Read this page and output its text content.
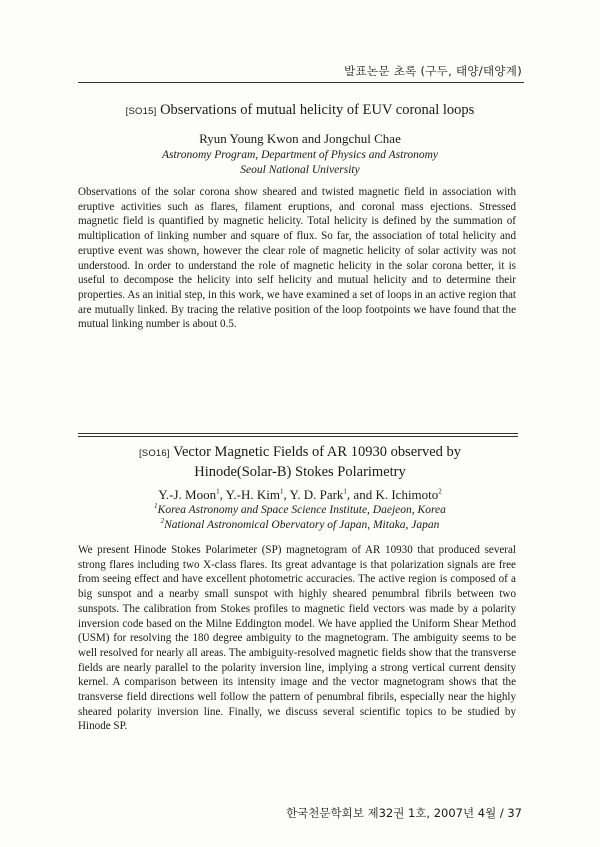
발표논문 초록 (구두, 태양/태양계)
[SO15] Observations of mutual helicity of EUV coronal loops
Ryun Young Kwon and Jongchul Chae
Astronomy Program, Department of Physics and Astronomy
Seoul National University

Observations of the solar corona show sheared and twisted magnetic field in association with eruptive activities such as flares, filament eruptions, and coronal mass ejections. Stressed magnetic field is quantified by magnetic helicity. Total helicity is defined by the summation of multiplication of linking number and square of flux. So far, the association of total helicity and eruptive event was shown, however the clear role of magnetic helicity of solar activity was not understood. In order to understand the role of magnetic helicity in the solar corona better, it is useful to decompose the helicity into self helicity and mutual helicity and to determine their properties. As an initial step, in this work, we have examined a set of loops in an active region that are mutually linked. By tracing the relative position of the loop footpoints we have found that the mutual linking number is about 0.5.

[SO16] Vector Magnetic Fields of AR 10930 observed by
Hinode(Solar-B) Stokes Polarimetry
Y.-J. Moon$^1$, Y.-H. Kim$^1$, Y. D. Park$^1$, and K. Ichimoto$^2$
$^1$Korea Astronomy and Space Science Institute, Daejeon, Korea
$^2$National Astronomical Obervatory of Japan, Mitaka, Japan

We present Hinode Stokes Polarimeter (SP) magnetogram of AR 10930 that produced several strong flares including two X-class flares. Its great advantage is that polarization signals are free from seeing effect and have excellent photometric accuracies. The active region is composed of a big sunspot and a nearby small sunspot with highly sheared penumbral fibrils between two sunspots. The calibration from Stokes profiles to magnetic field vectors was made by a polarity inversion code based on the Milne Eddington model. We have applied the Uniform Shear Method (USM) for resolving the 180 degree ambiguity to the magnetogram. The ambiguity seems to be well resolved for nearly all areas. The ambiguity-resolved magnetic fields show that the transverse fields are nearly parallel to the polarity inversion line, implying a strong vertical current density kernel. A comparison between its intensity image and the vector magnetogram shows that the transverse field directions well follow the pattern of penumbral fibrils, especially near the highly sheared polarity inversion line. Finally, we discuss several scientific topics to be studied by Hinode SP.

한국천문학회보 제32권 1호, 2007년 4월 / 37
